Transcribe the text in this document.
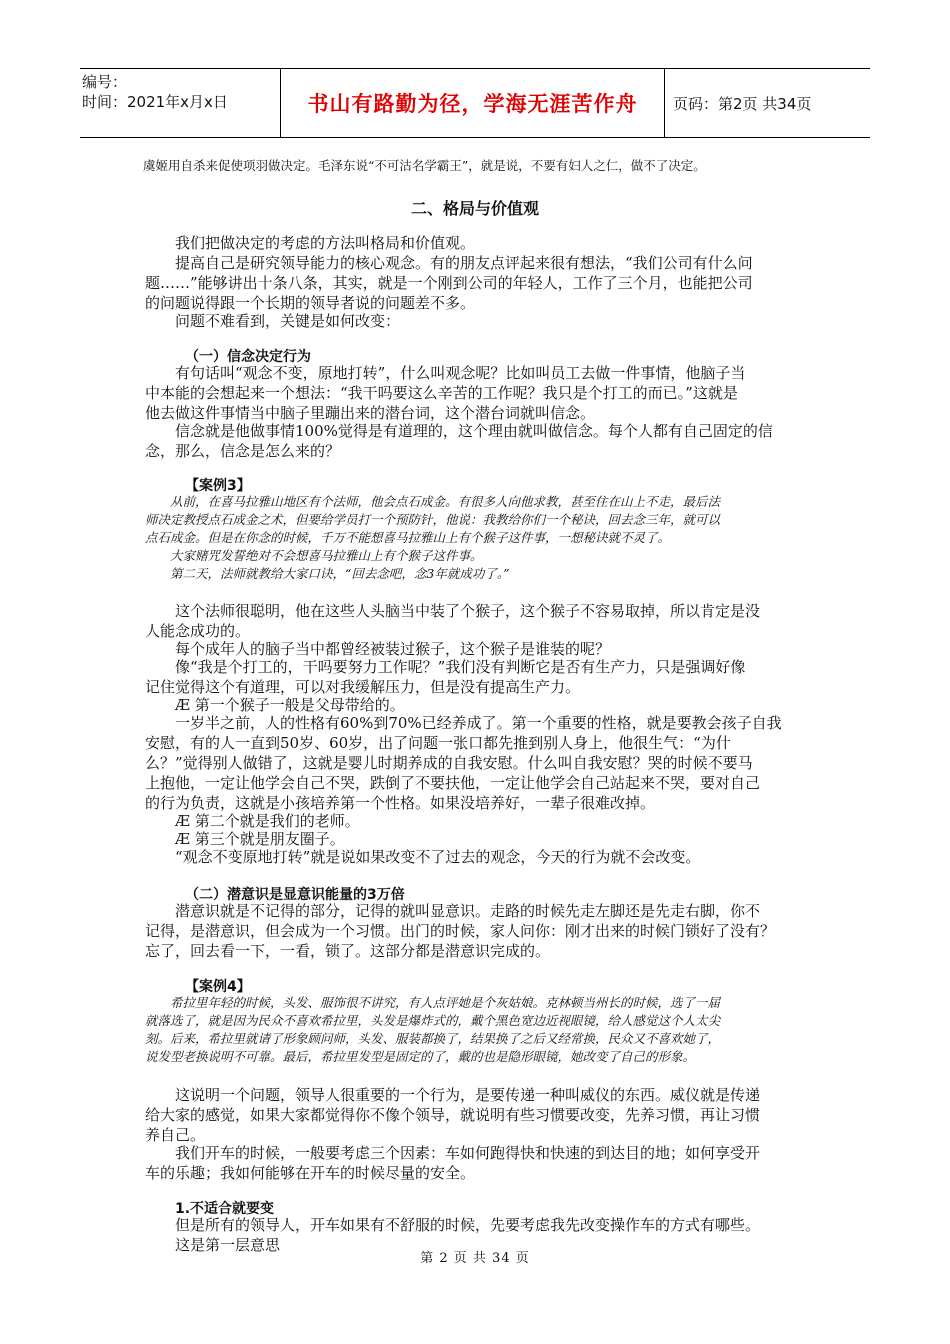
编号：
时间：2021年x月x日	书山有路勤为径，学海无涯苦作舟	页码：第2页 共34页
虞姬用自杀来促使项羽做决定。毛泽东说“不可沽名学霸王”，就是说，不要有妇人之仁，做不了决定。
二、格局与价值观
我们把做决定的考虑的方法叫格局和价值观。
提高自己是研究领导能力的核心观念。有的朋友点评起来很有想法，“我们公司有什么问
题……”能够讲出十条八条，其实，就是一个刚到公司的年轻人，工作了三个月，也能把公司
的问题说得跟一个长期的领导者说的问题差不多。
问题不难看到，关键是如何改变：
（一）信念决定行为
有句话叫“观念不变，原地打转”，什么叫观念呢？比如叫员工去做一件事情，他脑子当
中本能的会想起来一个想法：“我干吗要这么辛苦的工作呢？我只是个打工的而已。”这就是
他去做这件事情当中脑子里蹦出来的潜台词，这个潜台词就叫信念。
信念就是他做事情100%觉得是有道理的，这个理由就叫做信念。每个人都有自己固定的信
念，那么，信念是怎么来的？
【案例3】
从前，在喜马拉雅山地区有个法师，他会点石成金。有很多人向他求教，甚至住在山上不走，最后法
师决定教授点石成金之术，但要给学员打一个预防针，他说：我教给你们一个秘诀，回去念三年，就可以
点石成金。但是在你念的时候，千万不能想喜马拉雅山上有个猴子这件事，一想秘诀就不灵了。
大家赌咒发誓绝对不会想喜马拉雅山上有个猴子这件事。
第二天，法师就教给大家口诀，“回去念吧，念3年就成功了。”
这个法师很聪明，他在这些人头脑当中装了个猴子，这个猴子不容易取掉，所以肯定是没
人能念成功的。
每个成年人的脑子当中都曾经被装过猴子，这个猴子是谁装的呢？
像“我是个打工的，干吗要努力工作呢？”我们没有判断它是否有生产力，只是强调好像
记住觉得这个有道理，可以对我缓解压力，但是没有提高生产力。
Æ 第一个猴子一般是父母带给的。
一岁半之前，人的性格有60%到70%已经养成了。第一个重要的性格，就是要教会孩子自我
安慰，有的人一直到50岁、60岁，出了问题一张口都先推到别人身上，他很生气：“为什
么？”觉得别人做错了，这就是婴儿时期养成的自我安慰。什么叫自我安慰？哭的时候不要马
上抱他，一定让他学会自己不哭，跌倒了不要扶他，一定让他学会自己站起来不哭，要对自己
的行为负责，这就是小孩培养第一个性格。如果没培养好，一辈子很难改掉。
Æ 第二个就是我们的老师。
Æ 第三个就是朋友圈子。
“观念不变原地打转”就是说如果改变不了过去的观念，今天的行为就不会改变。
（二）潜意识是显意识能量的3万倍
潜意识就是不记得的部分，记得的就叫显意识。走路的时候先走左脚还是先走右脚，你不
记得，是潜意识，但会成为一个习惯。出门的时候，家人问你：刚才出来的时候门锁好了没有？
忘了，回去看一下，一看，锁了。这部分都是潜意识完成的。
【案例4】
希拉里年轻的时候，头发、服饰很不讲究，有人点评她是个灰姑娘。克林顿当州长的时候，选了一届
就落选了，就是因为民众不喜欢希拉里，头发是爆炸式的，戴个黑色宽边近视眼镜，给人感觉这个人太尖
刻。后来，希拉里就请了形象顾问师，头发、服装都换了，结果换了之后又经常换，民众又不喜欢她了，
说发型老换说明不可靠。最后，希拉里发型是固定的了，戴的也是隐形眼镜，她改变了自己的形象。
这说明一个问题，领导人很重要的一个行为，是要传递一种叫威仪的东西。威仪就是传递
给大家的感觉，如果大家都觉得你不像个领导，就说明有些习惯要改变，先养习惯，再让习惯
养自己。
我们开车的时候，一般要考虑三个因素：车如何跑得快和快速的到达目的地；如何享受开
车的乐趣；我如何能够在开车的时候尽量的安全。
1.不适合就要变
但是所有的领导人，开车如果有不舒服的时候，先要考虑我先改变操作车的方式有哪些。
这是第一层意思
第 2 页 共 34 页
